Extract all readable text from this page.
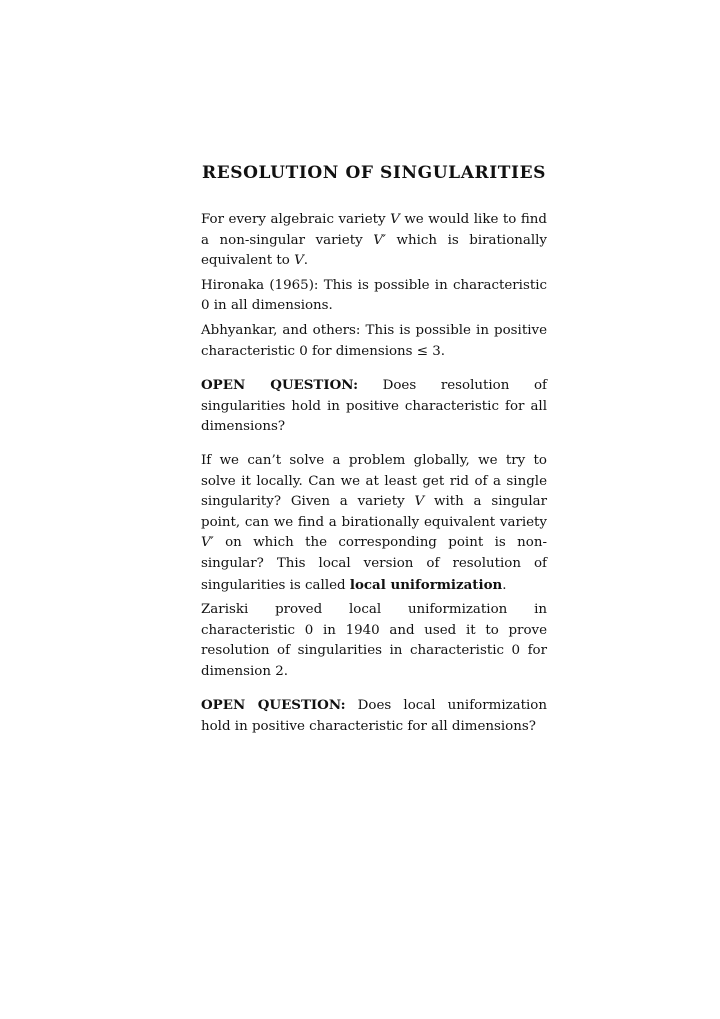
RESOLUTION OF SINGULARITIES

For every algebraic variety V we would like to find a non-singular variety V′ which is birationally equivalent to V.

Hironaka (1965): This is possible in characteristic 0 in all dimensions.

Abhyankar, and others: This is possible in positive characteristic 0 for dimensions ≤ 3.

OPEN QUESTION: Does resolution of singularities hold in positive characteristic for all dimensions?

If we can’t solve a problem globally, we try to solve it locally. Can we at least get rid of a single singularity? Given a variety V with a singular point, can we find a birationally equivalent variety V′ on which the corresponding point is non-singular? This local version of resolution of singularities is called local uniformization.

Zariski proved local uniformization in characteristic 0 in 1940 and used it to prove resolution of singularities in characteristic 0 for dimension 2.

OPEN QUESTION: Does local uniformization hold in positive characteristic for all dimensions?
